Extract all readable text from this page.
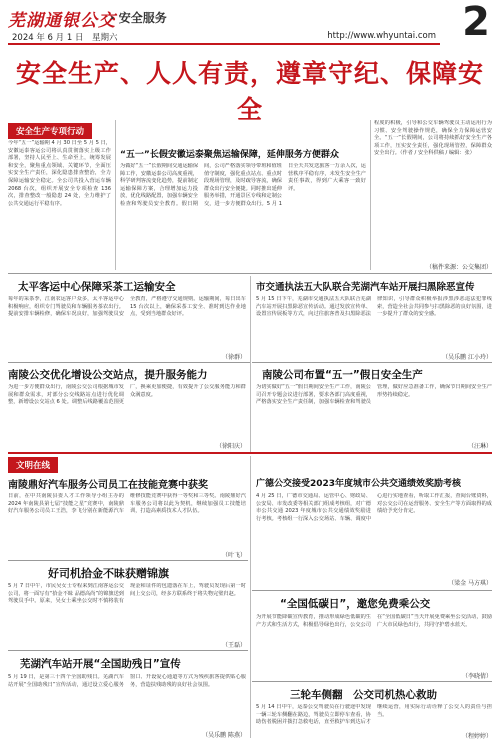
芜湖通银公交
· 安全服务	2
2024 年 6 月 1 日　星期六	http://www.whyuntai.com
安全生产、人人有责，遵章守纪、保障安全
安全生产专项行动
今年“五一”运输期 4 月 30 日至 5 月 5 日，安徽运泰客运公司将认真贯彻落实上级工作部署，坚持人民至上、生命至上，统筹发展和安全，聚焦重点领域、关键环节，全面压实安全生产责任，深化隐患排查整治，全力保障运输安全稳定。全公司共投入营运车辆 2068 台次，组织开展安全专项检查 136 次，排查整改一般隐患 24 处，全力维护了公共交通运行平稳有序。
“五一”长假安徽运泰聚焦运输保障，延伸服务方便群众
为做好“五一”长假期间交通运输保障工作，安徽运泰公司高度重视，科学研判客流变化趋势，提前制定运输保障方案，合理增加运力投放，优化线路配置，加强车辆安全检查和驾驶员安全教育。假日期间，公司严格落实领导带班和值班值守制度，强化重点站点、重点时段现场管理，及时疏导客流，确保群众出行安全便捷。同时推出延伸服务举措，开通景区专线和定制公交，进一步方便群众出行。5 月 1 日全天共发送旅客一万余人次，运营秩序平稳有序，未发生安全生产责任事故，得到广大乘客一致好评。
程度的积极，引导和公交车辆驾驶员主动运用行为习惯、安全驾驶操作规范，确保全力保障运营安全。“五一”长假期间，公司将持续抓好安全生产各项工作，压实安全责任，强化现场管控，保障群众安全出行。（作者 / 安全科供稿 / 编辑：张）
（稿件来源：公交集团）
太平客运中心保障采茶工运输安全
每年的采茶季，江南农运客户众多，太平客运中心积极响应，组织专门驾驶员和车辆服务茶农出行。提前安排车辆检修，确保车况良好，加强驾驶员安全教育，严格遵守交通规则。运输期间，每日出车 15 台次以上，确保采茶工安全、准时到达作业地点，受到当地群众好评。
（徐群）
市交通执法五大队联合芜湖汽车站开展扫黑除恶宣传
5 月 15 日下午，芜湖市交通执法五大队联合芜湖汽车站开展扫黑除恶宣传活动。通过发放宣传单、设置宣传展板等方式，向过往旅客普及扫黑除恶法律知识，引导群众积极举报涉黑涉恶违法犯罪线索，营造全社会共同参与扫黑除恶的良好氛围，进一步提升了群众的安全感。
（吴乐鹏 江小玲）
南陵公交优化增设公交站点，提升服务能力
为进一步方便群众出行，南陵公交公司根据城市发展和群众需求，对部分公交线路站点进行优化调整，新增设公交站点 6 处。调整后线路覆盖范围更广，换乘更加便捷，有效提升了公交服务能力和群众满意度。
（徐阳庆）
南陵公司布置“五一”假日安全生产
为切实做好“五一”假日期间安全生产工作，南陵公司召开专题会议进行部署，要求各部门高度重视，严格落实安全生产责任制，加强车辆检查和驾驶员管理，做好应急准备工作，确保节日期间安全生产形势持续稳定。
（汪琳）
文明在线
南陵鼎好汽车服务公司员工在技能竞赛中获奖
日前，在中共南陵县委人才工作领导小组主办的 2024 年南陵县第七届“技能之星”竞赛中，南陵鼎好汽车服务公司员工王浩，李飞分别在新能源汽车维修技能竞赛中获得一等奖和三等奖。南陵鼎好汽车服务公司将以此为契机，继续加强员工技能培训，打造高素质技术人才队伍。
（叶飞）
广德公交接受2023年度城市公共交通绩效奖励考核
4 月 25 日，广德市交通局、运管中心、财政局、公安局、市发改委等相关部门组成考核组，对广德市公共交通 2023 年度城市公共交通绩效奖励进行考核。考核组一行深入公交场站、车辆、调度中心进行实地查看，听取工作汇报，查阅台账资料，对公交公司在运营服务、安全生产等方面取得的成绩给予充分肯定。
（梁金 马方琪）
好司机拾金不昧获赠锦旗
5 月 7 日中午，市民吴女士专程来到江南客运公交公司，将一面写有“拾金不昧 品德高尚”的锦旗送到驾驶员手中。原来，吴女士乘坐公交时不慎将装有现金和证件的包遗落在车上，驾驶员发现后第一时间上交公司，经多方联系终于将失物完璧归赵。
（王磊）
“全国低碳日”，邀您免费乘公交
为开展节能降碳宣传教育，推动形成绿色低碳的生产方式和生活方式，积极倡导绿色出行，公交公司在“全国低碳日”当天开展免费乘坐公交活动，鼓励广大市民绿色出行，共同守护碧水蓝天。
（李晓倩）
芜湖汽车站开展“全国助残日”宣传
5 月 19 日，是第三十四个全国助残日。芜湖汽车站开展“全国助残日”宣传活动，通过设立爱心服务窗口、开设爱心通道等方式为残疾旅客提供贴心服务，营造扶残助残的良好社会氛围。
（吴乐鹏 陈燕）
三轮车侧翻　公交司机热心救助
5 月 14 日中午，运泰公交驾驶员在行驶途中发现一辆三轮车侧翻在路边，驾驶员立即停车查看，协助伤者脱困并拨打急救电话，直至救护车到达后才继续运营，用实际行动诠释了公交人的责任与担当。
（程婷婷）
